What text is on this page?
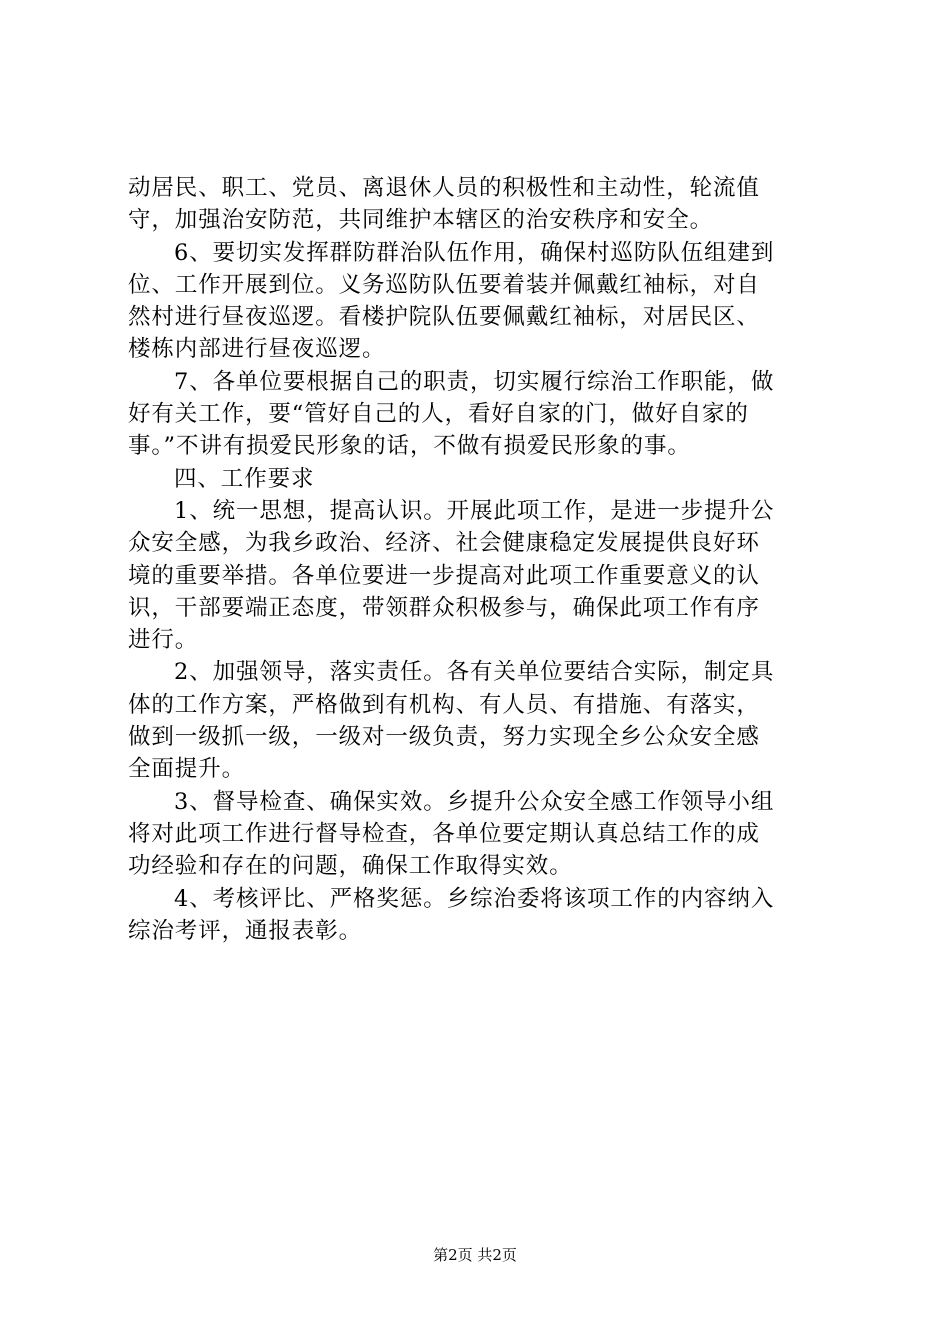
动居民、职工、党员、离退休人员的积极性和主动性，轮流值
守，加强治安防范，共同维护本辖区的治安秩序和安全。
6、要切实发挥群防群治队伍作用，确保村巡防队伍组建到
位、工作开展到位。义务巡防队伍要着装并佩戴红袖标，对自
然村进行昼夜巡逻。看楼护院队伍要佩戴红袖标，对居民区、
楼栋内部进行昼夜巡逻。
7、各单位要根据自己的职责，切实履行综治工作职能，做
好有关工作，要“管好自己的人，看好自家的门，做好自家的
事。”不讲有损爱民形象的话，不做有损爱民形象的事。
四、工作要求
1、统一思想，提高认识。开展此项工作，是进一步提升公
众安全感，为我乡政治、经济、社会健康稳定发展提供良好环
境的重要举措。各单位要进一步提高对此项工作重要意义的认
识，干部要端正态度，带领群众积极参与，确保此项工作有序
进行。
2、加强领导，落实责任。各有关单位要结合实际，制定具
体的工作方案，严格做到有机构、有人员、有措施、有落实，
做到一级抓一级，一级对一级负责，努力实现全乡公众安全感
全面提升。
3、督导检查、确保实效。乡提升公众安全感工作领导小组
将对此项工作进行督导检查，各单位要定期认真总结工作的成
功经验和存在的问题，确保工作取得实效。
4、考核评比、严格奖惩。乡综治委将该项工作的内容纳入
综治考评，通报表彰。
第2页 共2页
